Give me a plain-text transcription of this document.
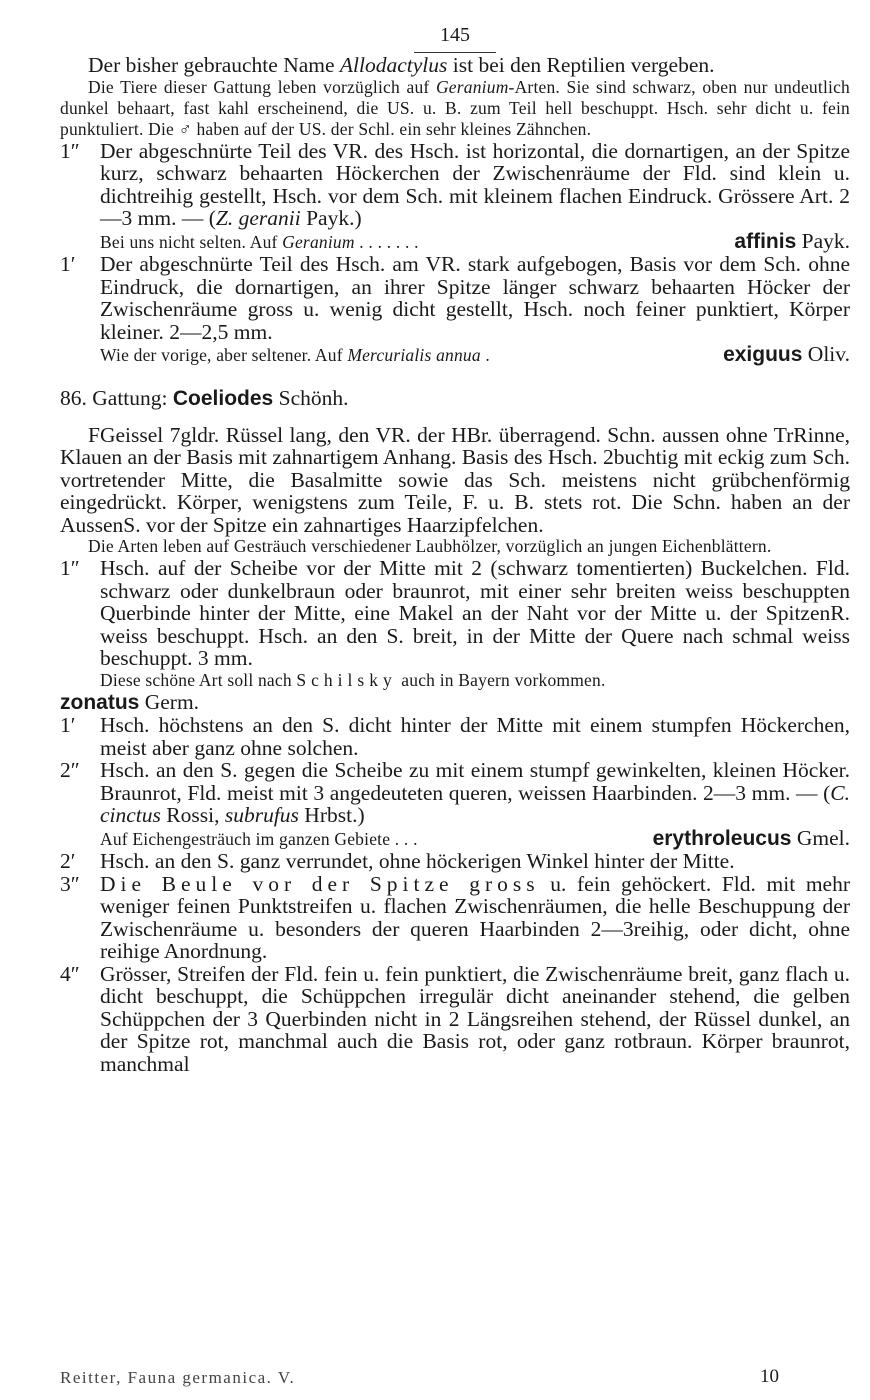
145

Der bisher gebrauchte Name Allodactylus ist bei den Reptilien vergeben.

Die Tiere dieser Gattung leben vorzüglich auf Geranium-Arten. Sie sind schwarz, oben nur undeutlich dunkel behaart, fast kahl erscheinend, die US. u. B. zum Teil hell beschuppt. Hsch. sehr dicht u. fein punktuliert. Die ♂ haben auf der US. der Schl. ein sehr kleines Zähnchen.

1″ Der abgeschnürte Teil des VR. des Hsch. ist horizontal, die dornartigen, an der Spitze kurz, schwarz behaarten Höckerchen der Zwischenräume der Fld. sind klein u. dichtreihig gestellt, Hsch. vor dem Sch. mit kleinem flachen Eindruck. Grössere Art. 2—3 mm. — (Z. geranii Payk.)

Bei uns nicht selten. Auf Geranium . . . . . . .	affinis Payk.

1′ Der abgeschnürte Teil des Hsch. am VR. stark aufgebogen, Basis vor dem Sch. ohne Eindruck, die dornartigen, an ihrer Spitze länger schwarz behaarten Höcker der Zwischenräume gross u. wenig dicht gestellt, Hsch. noch feiner punktiert, Körper kleiner. 2—2,5 mm.

Wie der vorige, aber seltener. Auf Mercurialis annua .	exiguus Oliv.

86. Gattung: Coeliodes Schönh.

FGeissel 7gldr. Rüssel lang, den VR. der HBr. überragend. Schn. aussen ohne TrRinne, Klauen an der Basis mit zahnartigem Anhang. Basis des Hsch. 2buchtig mit eckig zum Sch. vortretender Mitte, die Basalmitte sowie das Sch. meistens nicht grübchenförmig eingedrückt. Körper, wenigstens zum Teile, F. u. B. stets rot. Die Schn. haben an der AussenS. vor der Spitze ein zahnartiges Haarzipfelchen.

Die Arten leben auf Gesträuch verschiedener Laubhölzer, vorzüglich an jungen Eichenblättern.

1″ Hsch. auf der Scheibe vor der Mitte mit 2 (schwarz tomentierten) Buckelchen. Fld. schwarz oder dunkelbraun oder braunrot, mit einer sehr breiten weiss beschuppten Querbinde hinter der Mitte, eine Makel an der Naht vor der Mitte u. der SpitzenR. weiss beschuppt. Hsch. an den S. breit, in der Mitte der Quere nach schmal weiss beschuppt. 3 mm.

Diese schöne Art soll nach Schilsky auch in Bayern vorkommen.

zonatus Germ.

1′ Hsch. höchstens an den S. dicht hinter der Mitte mit einem stumpfen Höckerchen, meist aber ganz ohne solchen.

2″ Hsch. an den S. gegen die Scheibe zu mit einem stumpf gewinkelten, kleinen Höcker. Braunrot, Fld. meist mit 3 angedeuteten queren, weissen Haarbinden. 2—3 mm. — (C. cinctus Rossi, subrufus Hrbst.)

Auf Eichengesträuch im ganzen Gebiete . . .	erythroleucus Gmel.

2′ Hsch. an den S. ganz verrundet, ohne höckerigen Winkel hinter der Mitte.

3″ Die Beule vor der Spitze gross u. fein gehöckert. Fld. mit mehr weniger feinen Punktstreifen u. flachen Zwischenräumen, die helle Beschuppung der Zwischenräume u. besonders der queren Haarbinden 2—3reihig, oder dicht, ohne reihige Anordnung.

4″ Grösser, Streifen der Fld. fein u. fein punktiert, die Zwischenräume breit, ganz flach u. dicht beschuppt, die Schüppchen irregulär dicht aneinander stehend, die gelben Schüppchen der 3 Querbinden nicht in 2 Längsreihen stehend, der Rüssel dunkel, an der Spitze rot, manchmal auch die Basis rot, oder ganz rotbraun. Körper braunrot, manchmal

Reitter, Fauna germanica. V.	10
